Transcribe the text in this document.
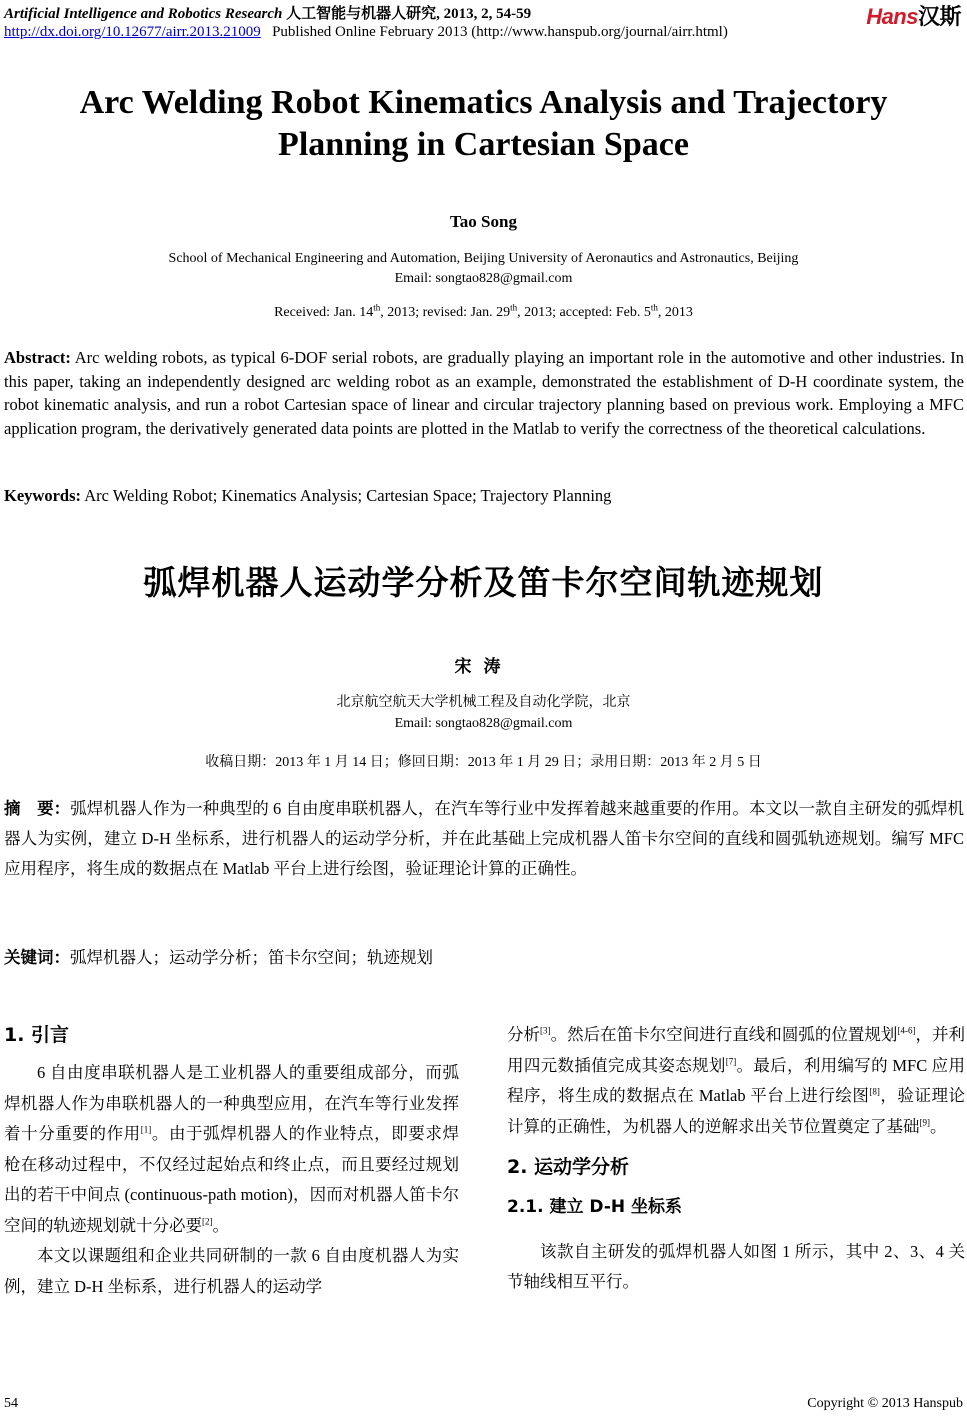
Artificial Intelligence and Robotics Research 人工智能与机器人研究, 2013, 2, 54-59
http://dx.doi.org/10.12677/airr.2013.21009 Published Online February 2013 (http://www.hanspub.org/journal/airr.html)
Hans汉斯
Arc Welding Robot Kinematics Analysis and Trajectory
Planning in Cartesian Space
Tao Song
School of Mechanical Engineering and Automation, Beijing University of Aeronautics and Astronautics, Beijing
Email: songtao828@gmail.com
Received: Jan. 14th, 2013; revised: Jan. 29th, 2013; accepted: Feb. 5th, 2013
Abstract: Arc welding robots, as typical 6-DOF serial robots, are gradually playing an important role in the automotive and other industries. In this paper, taking an independently designed arc welding robot as an example, demonstrated the establishment of D-H coordinate system, the robot kinematic analysis, and run a robot Cartesian space of linear and circular trajectory planning based on previous work. Employing a MFC application program, the derivatively generated data points are plotted in the Matlab to verify the correctness of the theoretical calculations.
Keywords: Arc Welding Robot; Kinematics Analysis; Cartesian Space; Trajectory Planning
弧焊机器人运动学分析及笛卡尔空间轨迹规划
宋涛
北京航空航天大学机械工程及自动化学院，北京
Email: songtao828@gmail.com
收稿日期：2013 年 1 月 14 日；修回日期：2013 年 1 月 29 日；录用日期：2013 年 2 月 5 日
摘　要：弧焊机器人作为一种典型的 6 自由度串联机器人，在汽车等行业中发挥着越来越重要的作用。本文以一款自主研发的弧焊机器人为实例，建立 D-H 坐标系，进行机器人的运动学分析，并在此基础上完成机器人笛卡尔空间的直线和圆弧轨迹规划。编写 MFC 应用程序，将生成的数据点在 Matlab 平台上进行绘图，验证理论计算的正确性。
关键词：弧焊机器人；运动学分析；笛卡尔空间；轨迹规划
1. 引言
6 自由度串联机器人是工业机器人的重要组成部分，而弧焊机器人作为串联机器人的一种典型应用，在汽车等行业发挥着十分重要的作用[1]。由于弧焊机器人的作业特点，即要求焊枪在移动过程中，不仅经过起始点和终止点，而且要经过规划出的若干中间点 (continuous-path motion)，因而对机器人笛卡尔空间的轨迹规划就十分必要[2]。
本文以课题组和企业共同研制的一款 6 自由度机器人为实例，建立 D-H 坐标系，进行机器人的运动学
分析[3]。然后在笛卡尔空间进行直线和圆弧的位置规划[4-6]，并利用四元数插值完成其姿态规划[7]。最后，利用编写的 MFC 应用程序，将生成的数据点在 Matlab 平台上进行绘图[8]，验证理论计算的正确性，为机器人的逆解求出关节位置奠定了基础[9]。
2. 运动学分析
2.1. 建立 D-H 坐标系
该款自主研发的弧焊机器人如图 1 所示，其中 2、3、4 关节轴线相互平行。
54	Copyright © 2013 Hanspub
